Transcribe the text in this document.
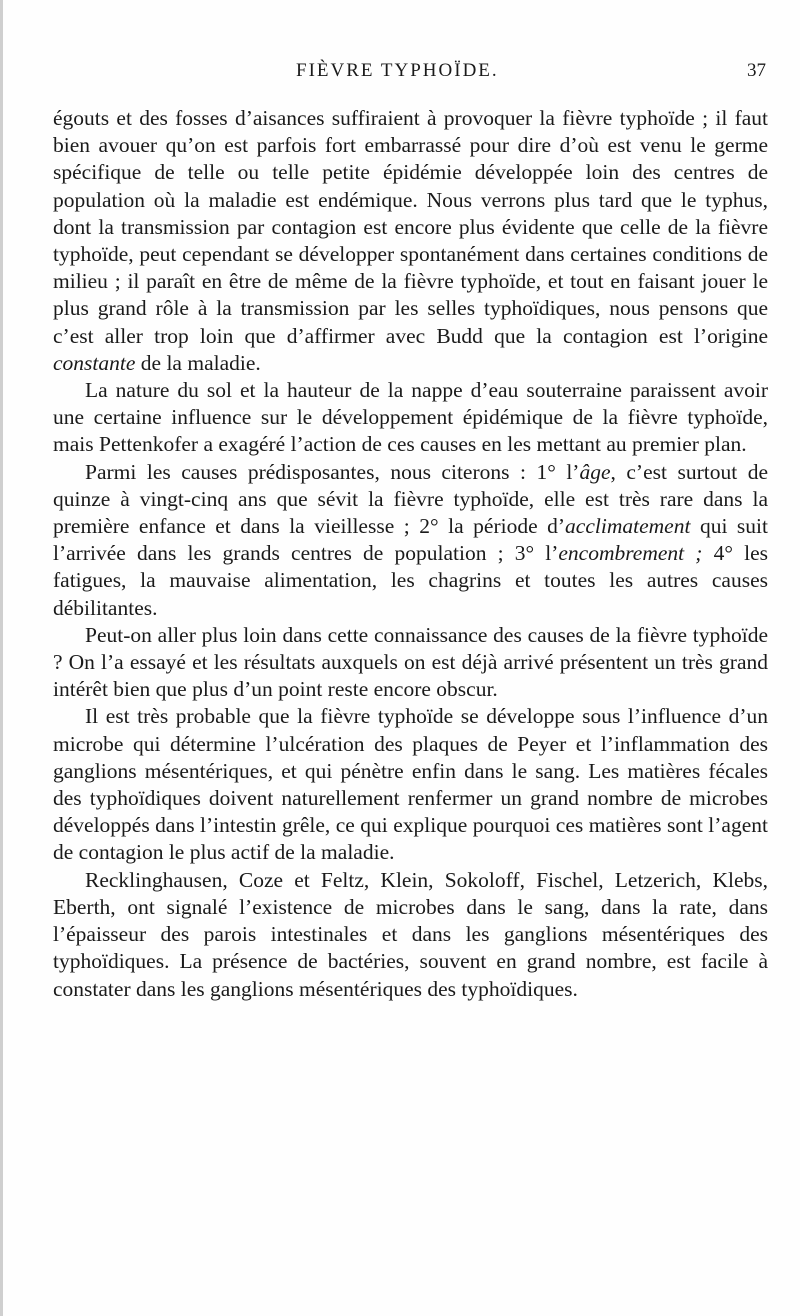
FIÈVRE TYPHOÏDE.	37

égouts et des fosses d’aisances suffiraient à provoquer la fièvre typhoïde ; il faut bien avouer qu’on est parfois fort embarrassé pour dire d’où est venu le germe spécifique de telle ou telle petite épidémie développée loin des centres de population où la maladie est endémique. Nous verrons plus tard que le typhus, dont la transmission par contagion est encore plus évidente que celle de la fièvre typhoïde, peut cependant se développer spontanément dans certaines conditions de milieu ; il paraît en être de même de la fièvre typhoïde, et tout en faisant jouer le plus grand rôle à la transmission par les selles typhoïdiques, nous pensons que c’est aller trop loin que d’affirmer avec Budd que la contagion est l’origine constante de la maladie.

La nature du sol et la hauteur de la nappe d’eau souterraine paraissent avoir une certaine influence sur le développement épidémique de la fièvre typhoïde, mais Pettenkofer a exagéré l’action de ces causes en les mettant au premier plan.

Parmi les causes prédisposantes, nous citerons : 1° l’âge, c’est surtout de quinze à vingt-cinq ans que sévit la fièvre typhoïde, elle est très rare dans la première enfance et dans la vieillesse ; 2° la période d’acclimatement qui suit l’arrivée dans les grands centres de population ; 3° l’encombrement ; 4° les fatigues, la mauvaise alimentation, les chagrins et toutes les autres causes débilitantes.

Peut-on aller plus loin dans cette connaissance des causes de la fièvre typhoïde ? On l’a essayé et les résultats auxquels on est déjà arrivé présentent un très grand intérêt bien que plus d’un point reste encore obscur.

Il est très probable que la fièvre typhoïde se développe sous l’influence d’un microbe qui détermine l’ulcération des plaques de Peyer et l’inflammation des ganglions mésentériques, et qui pénètre enfin dans le sang. Les matières fécales des typhoïdiques doivent naturellement renfermer un grand nombre de microbes développés dans l’intestin grêle, ce qui explique pourquoi ces matières sont l’agent de contagion le plus actif de la maladie.

Recklinghausen, Coze et Feltz, Klein, Sokoloff, Fischel, Letzerich, Klebs, Eberth, ont signalé l’existence de microbes dans le sang, dans la rate, dans l’épaisseur des parois intestinales et dans les ganglions mésentériques des typhoïdiques. La présence de bactéries, souvent en grand nombre, est facile à constater dans les ganglions mésentériques des typhoïdiques.
